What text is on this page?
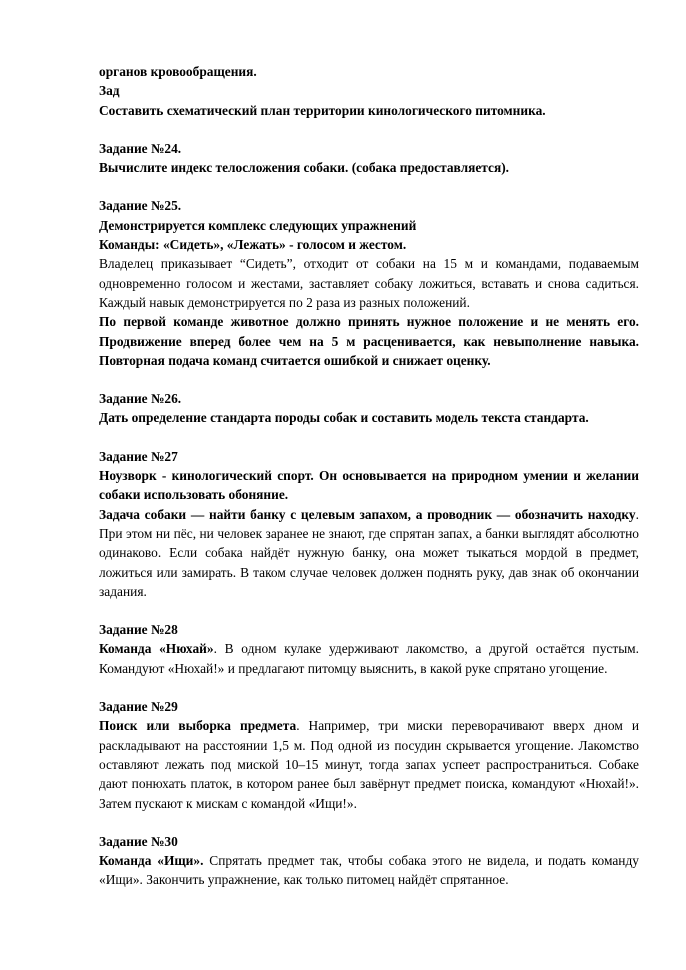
органов кровообращения.

Зад

Составить схематический план территории кинологического питомника.

Задание №24.

Вычислите индекс телосложения собаки. (собака предоставляется).

Задание №25.

Демонстрируется комплекс следующих упражнений

Команды: «Сидеть», «Лежать» - голосом и жестом.

Владелец приказывает “Сидеть”, отходит от собаки на 15 м и командами, подаваемым одновременно голосом и жестами, заставляет собаку ложиться, вставать и снова садиться. Каждый навык демонстрируется по 2 раза из разных положений.

По первой команде животное должно принять нужное положение и не менять его. Продвижение вперед более чем на 5 м расценивается, как невыполнение навыка. Повторная подача команд считается ошибкой и снижает оценку.

Задание №26.

Дать определение стандарта породы собак и составить модель текста стандарта.

Задание №27

Ноузворк - кинологический спорт. Он основывается на природном умении и желании собаки использовать обоняние.

Задача собаки — найти банку с целевым запахом, а проводник — обозначить находку. При этом ни пёс, ни человек заранее не знают, где спрятан запах, а банки выглядят абсолютно одинаково. Если собака найдёт нужную банку, она может тыкаться мордой в предмет, ложиться или замирать. В таком случае человек должен поднять руку, дав знак об окончании задания.

Задание №28

Команда «Нюхай». В одном кулаке удерживают лакомство, а другой остаётся пустым. Командуют «Нюхай!» и предлагают питомцу выяснить, в какой руке спрятано угощение.

Задание №29

Поиск или выборка предмета. Например, три миски переворачивают вверх дном и раскладывают на расстоянии 1,5 м. Под одной из посудин скрывается угощение. Лакомство оставляют лежать под миской 10–15 минут, тогда запах успеет распространиться. Собаке дают понюхать платок, в котором ранее был завёрнут предмет поиска, командуют «Нюхай!». Затем пускают к мискам с командой «Ищи!».

Задание №30

Команда «Ищи». Спрятать предмет так, чтобы собака этого не видела, и подать команду «Ищи». Закончить упражнение, как только питомец найдёт спрятанное.
